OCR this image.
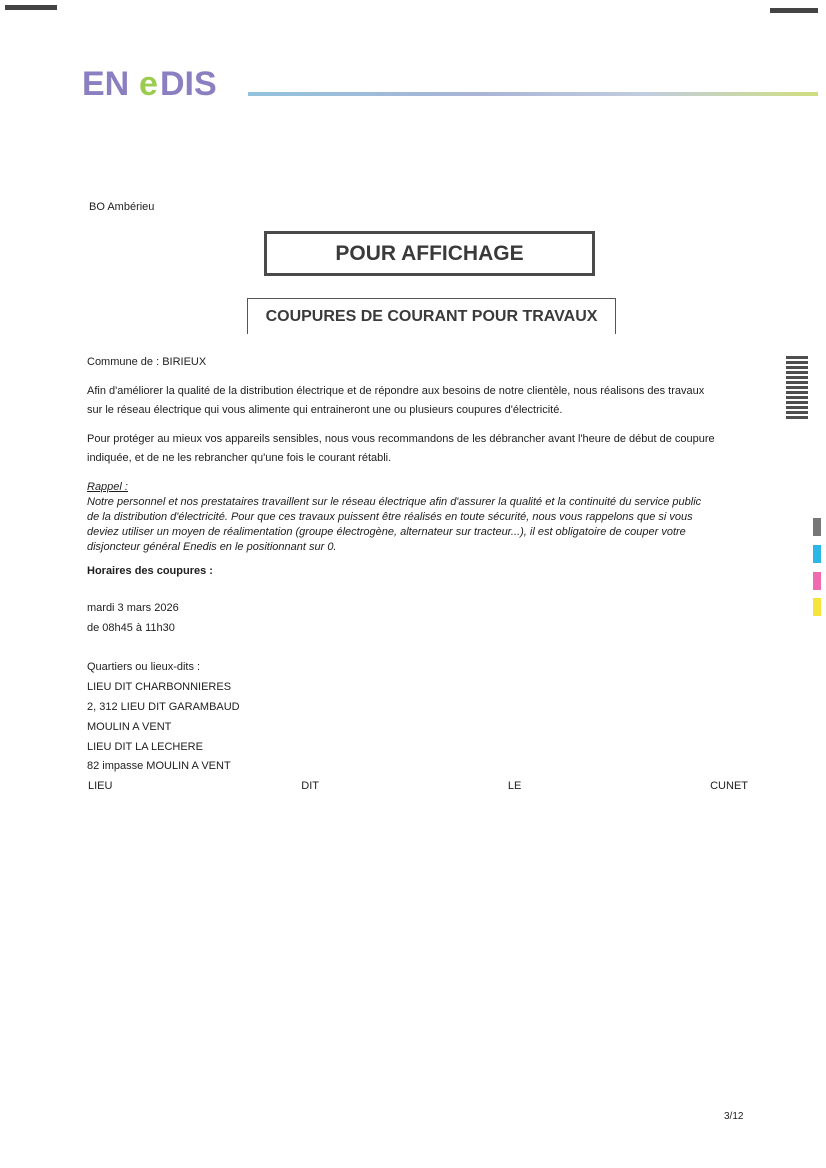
EN e DIS
BO Ambérieu
POUR AFFICHAGE
COUPURES DE COURANT POUR TRAVAUX
Commune de : BIRIEUX
Afin d'améliorer la qualité de la distribution électrique et de répondre aux besoins de notre clientèle, nous réalisons des travaux
sur le réseau électrique qui vous alimente qui entraineront une ou plusieurs coupures d'électricité.
Pour protéger au mieux vos appareils sensibles, nous vous recommandons de les débrancher avant l'heure de début de coupure
indiquée, et de ne les rebrancher qu'une fois le courant rétabli.
Rappel :
Notre personnel et nos prestataires travaillent sur le réseau électrique afin d'assurer la qualité et la continuité du service public
de la distribution d'électricité. Pour que ces travaux puissent être réalisés en toute sécurité, nous vous rappelons que si vous
deviez utiliser un moyen de réalimentation (groupe électrogène, alternateur sur tracteur...), il est obligatoire de couper votre
disjoncteur général Enedis en le positionnant sur 0.
Horaires des coupures :
mardi 3 mars 2026
de 08h45 à 11h30
Quartiers ou lieux-dits :
LIEU DIT CHARBONNIERES
2, 312 LIEU DIT GARAMBAUD
MOULIN A VENT
LIEU DIT LA LECHERE
82 impasse MOULIN A VENT
LIEU	DIT	LE	CUNET
3/12
